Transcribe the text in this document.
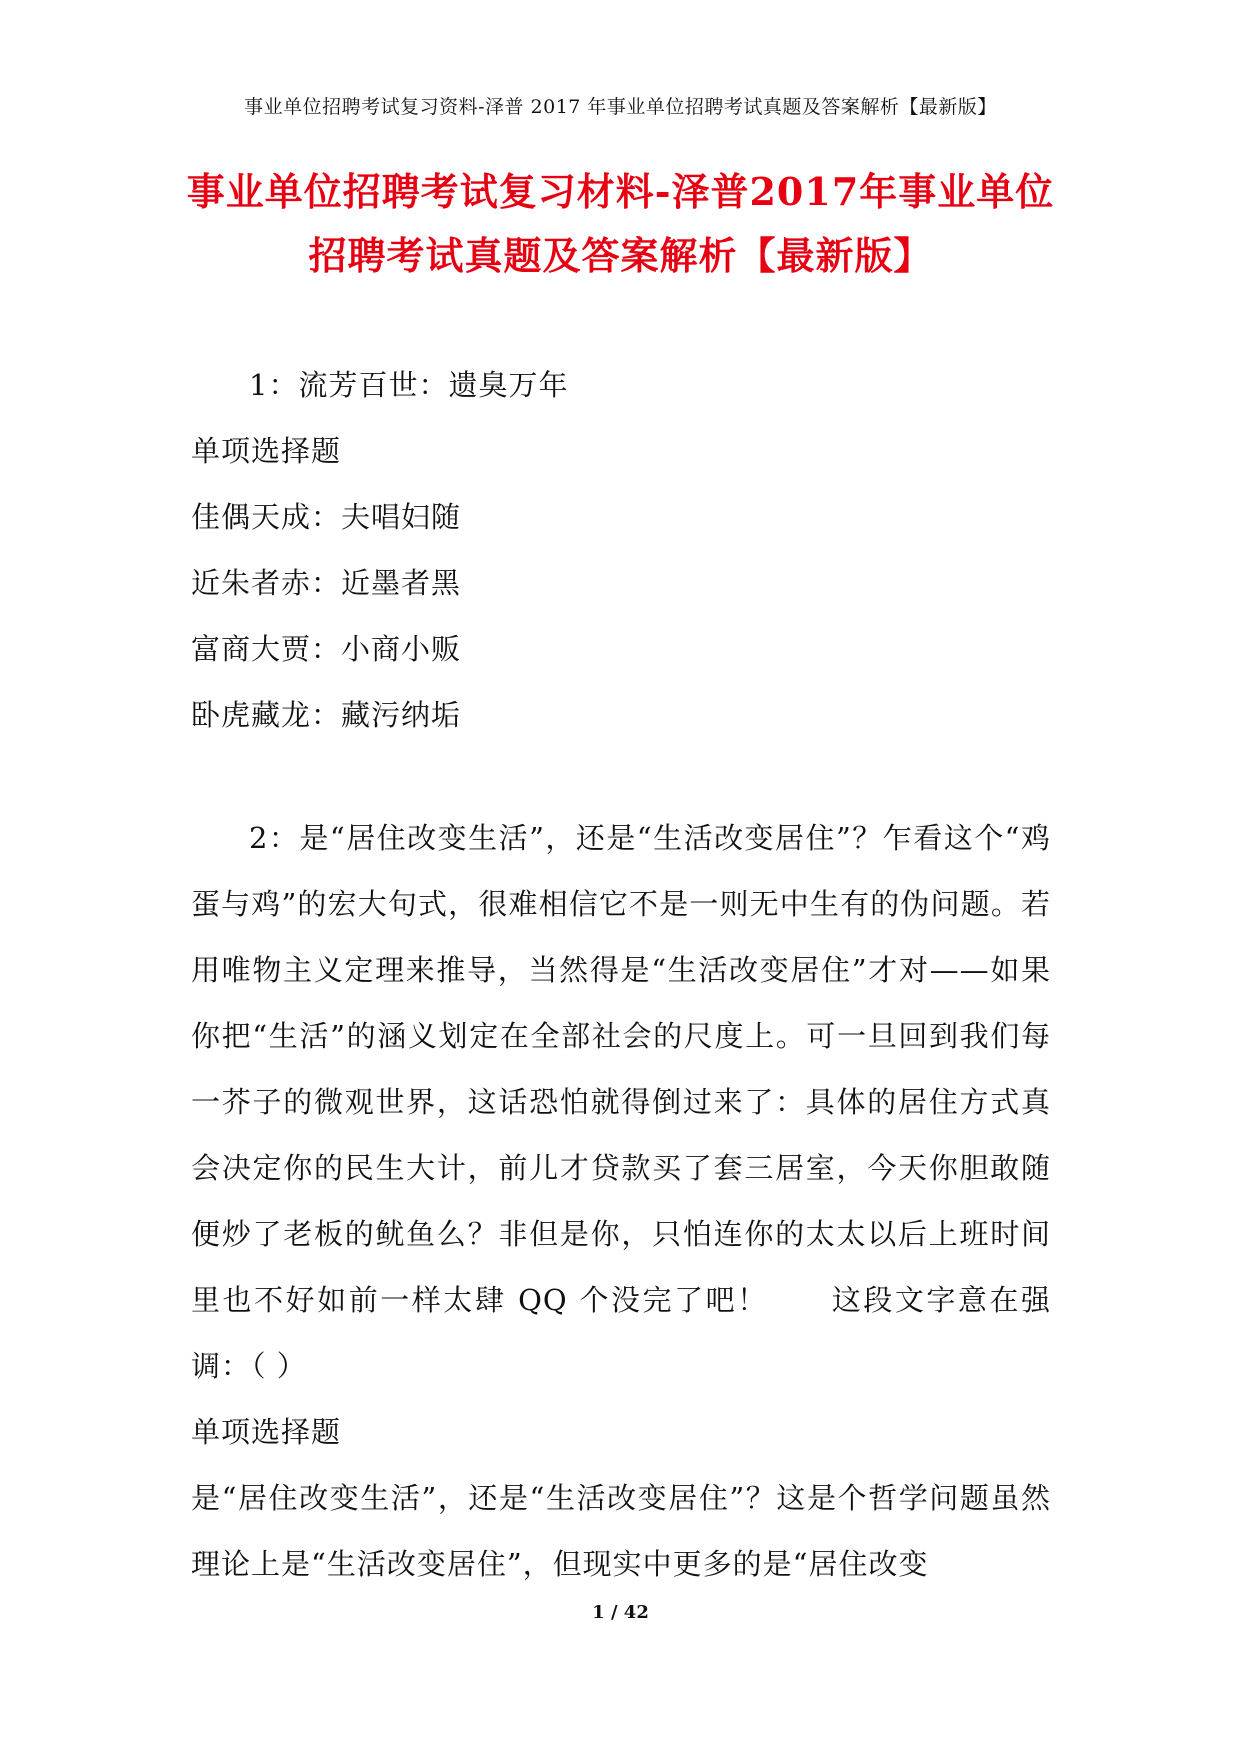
事业单位招聘考试复习资料-泽普 2017 年事业单位招聘考试真题及答案解析【最新版】
事业单位招聘考试复习材料-泽普2017年事业单位招聘考试真题及答案解析【最新版】

1：流芳百世：遗臭万年

单项选择题

佳偶天成：夫唱妇随

近朱者赤：近墨者黑

富商大贾：小商小贩

卧虎藏龙：藏污纳垢

2：是“居住改变生活”，还是“生活改变居住”？乍看这个“鸡蛋与鸡”的宏大句式，很难相信它不是一则无中生有的伪问题。若用唯物主义定理来推导，当然得是“生活改变居住”才对——如果你把“生活”的涵义划定在全部社会的尺度上。可一旦回到我们每一芥子的微观世界，这话恐怕就得倒过来了：具体的居住方式真会决定你的民生大计，前儿才贷款买了套三居室，今天你胆敢随便炒了老板的鱿鱼么？非但是你，只怕连你的太太以后上班时间里也不好如前一样太肆 QQ 个没完了吧！　　这段文字意在强调：（ ）

单项选择题

是“居住改变生活”，还是“生活改变居住”？这是个哲学问题虽然理论上是“生活改变居住”，但现实中更多的是“居住改变

1 / 42
